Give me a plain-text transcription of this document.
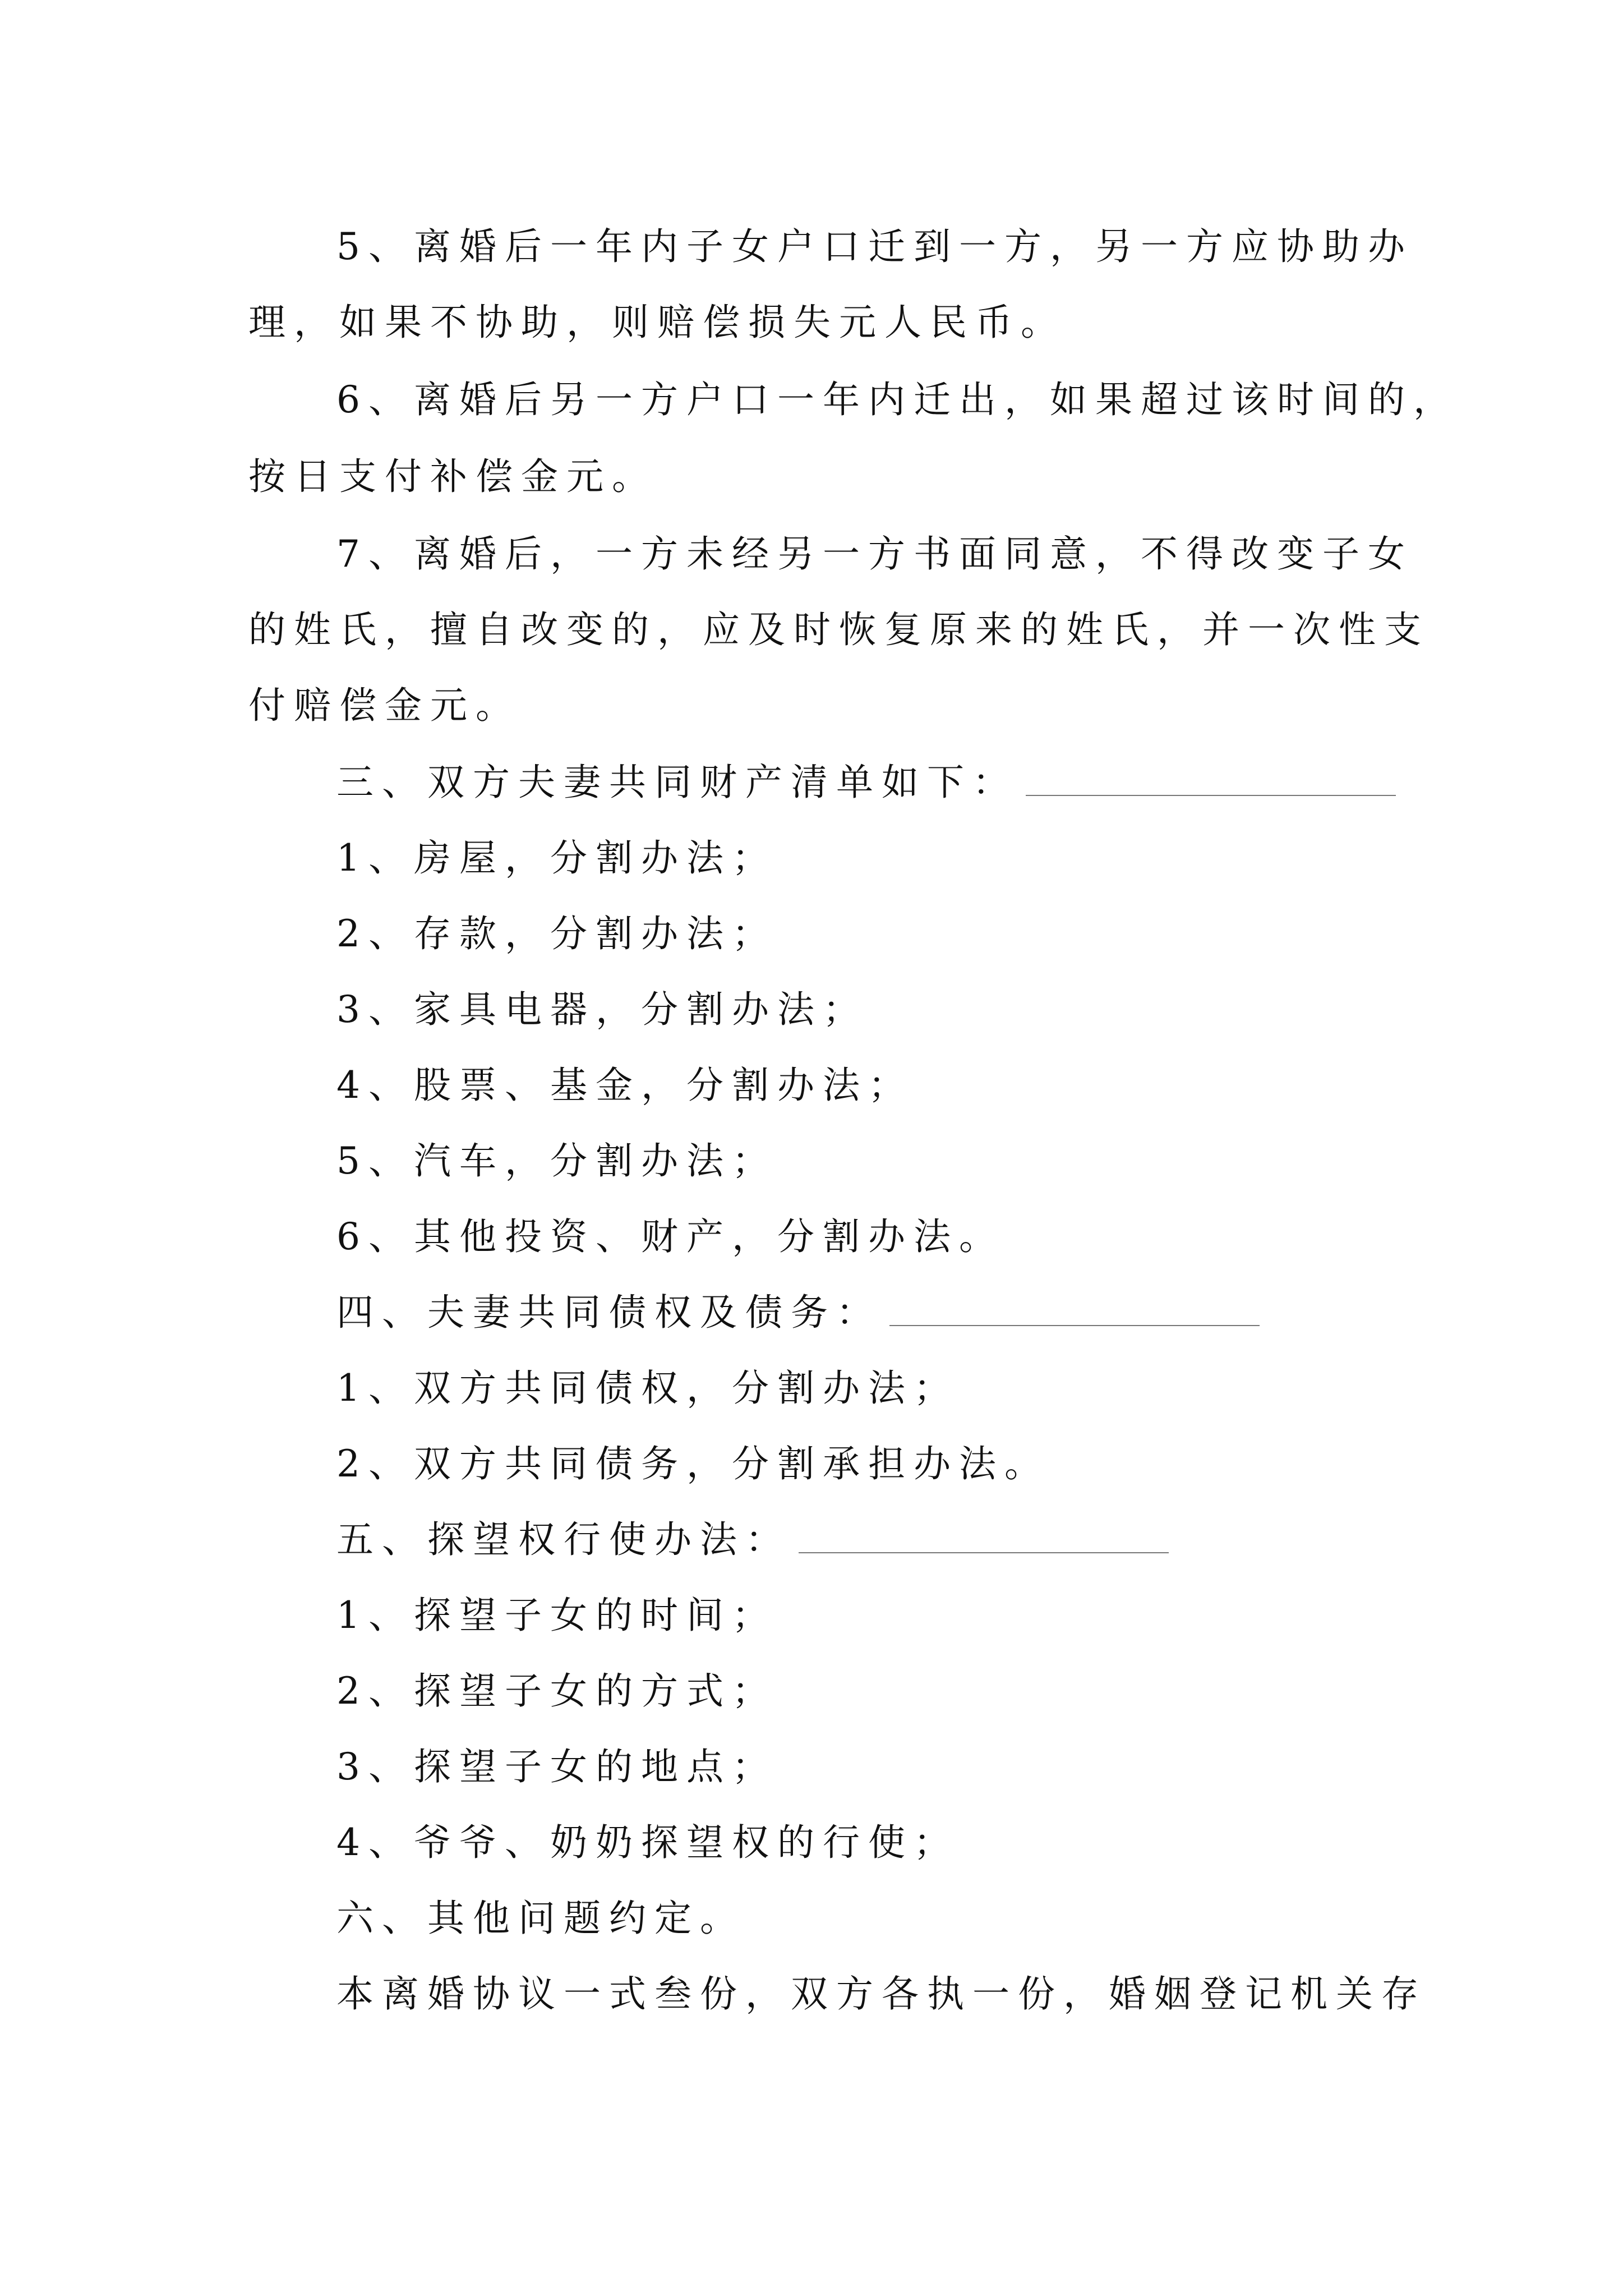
5、离婚后一年内子女户口迁到一方，另一方应协助办
理，如果不协助，则赔偿损失元人民币。
6、离婚后另一方户口一年内迁出，如果超过该时间的，
按日支付补偿金元。
7、离婚后，一方未经另一方书面同意，不得改变子女
的姓氏，擅自改变的，应及时恢复原来的姓氏，并一次性支
付赔偿金元。
三、双方夫妻共同财产清单如下：
1、房屋，分割办法；
2、存款，分割办法；
3、家具电器，分割办法；
4、股票、基金，分割办法；
5、汽车，分割办法；
6、其他投资、财产，分割办法。
四、夫妻共同债权及债务：
1、双方共同债权，分割办法；
2、双方共同债务，分割承担办法。
五、探望权行使办法：
1、探望子女的时间；
2、探望子女的方式；
3、探望子女的地点；
4、爷爷、奶奶探望权的行使；
六、其他问题约定。
本离婚协议一式叁份，双方各执一份，婚姻登记机关存
